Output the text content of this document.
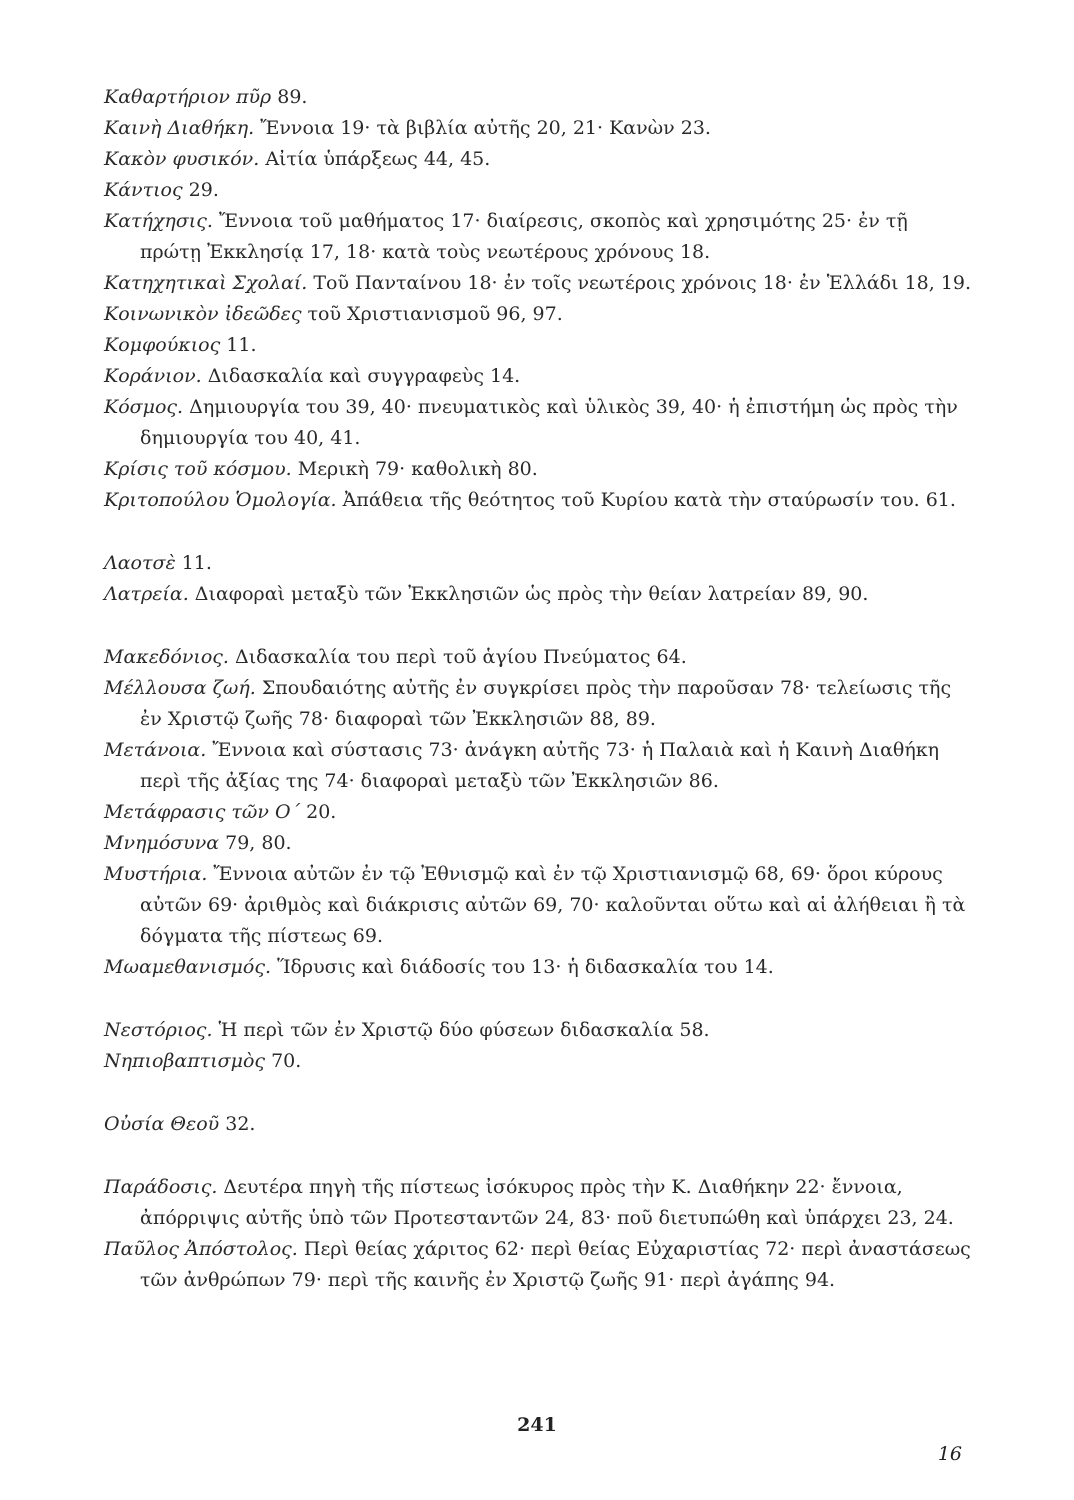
Καθαρτήριον πῦρ 89.

Καινὴ Διαθήκη. Ἔννοια 19· τὰ βιβλία αὐτῆς 20, 21· Κανὼν 23.

Κακὸν φυσικόν. Αἰτία ὑπάρξεως 44, 45.

Κάντιος 29.

Κατήχησις. Ἔννοια τοῦ μαθήματος 17· διαίρεσις, σκοπὸς καὶ χρησιμότης 25· ἐν τῇ πρώτῃ Ἐκκλησίᾳ 17, 18· κατὰ τοὺς νεωτέρους χρόνους 18.

Κατηχητικαὶ Σχολαί. Τοῦ Πανταίνου 18· ἐν τοῖς νεωτέροις χρόνοις 18· ἐν Ἑλλάδι 18, 19.

Κοινωνικὸν ἰδεῶδες τοῦ Χριστιανισμοῦ 96, 97.

Κομφούκιος 11.

Κοράνιον. Διδασκαλία καὶ συγγραφεὺς 14.

Κόσμος. Δημιουργία του 39, 40· πνευματικὸς καὶ ὑλικὸς 39, 40· ἡ ἐπιστήμη ὡς πρὸς τὴν δημιουργία του 40, 41.

Κρίσις τοῦ κόσμου. Μερικὴ 79· καθολικὴ 80.

Κριτοπούλου Ὁμολογία. Ἀπάθεια τῆς θεότητος τοῦ Κυρίου κατὰ τὴν σταύρωσίν του. 61.

Λαοτσὲ 11.

Λατρεία. Διαφοραὶ μεταξὺ τῶν Ἐκκλησιῶν ὡς πρὸς τὴν θείαν λατρείαν 89, 90.

Μακεδόνιος. Διδασκαλία του περὶ τοῦ ἁγίου Πνεύματος 64.

Μέλλουσα ζωή. Σπουδαιότης αὐτῆς ἐν συγκρίσει πρὸς τὴν παροῦσαν 78· τελείωσις τῆς ἐν Χριστῷ ζωῆς 78· διαφοραὶ τῶν Ἐκκλησιῶν 88, 89.

Μετάνοια. Ἔννοια καὶ σύστασις 73· ἀνάγκη αὐτῆς 73· ἡ Παλαιὰ καὶ ἡ Καινὴ Διαθήκη περὶ τῆς ἀξίας της 74· διαφοραὶ μεταξὺ τῶν Ἐκκλησιῶν 86.

Μετάφρασις τῶν Ο΄ 20.

Μνημόσυνα 79, 80.

Μυστήρια. Ἔννοια αὐτῶν ἐν τῷ Ἐθνισμῷ καὶ ἐν τῷ Χριστιανισμῷ 68, 69· ὅροι κύρους αὐτῶν 69· ἀριθμὸς καὶ διάκρισις αὐτῶν 69, 70· καλοῦνται οὕτω καὶ αἱ ἀλήθειαι ἢ τὰ δόγματα τῆς πίστεως 69.

Μωαμεθανισμός. Ἵδρυσις καὶ διάδοσίς του 13· ἡ διδασκαλία του 14.

Νεστόριος. Ἡ περὶ τῶν ἐν Χριστῷ δύο φύσεων διδασκαλία 58.

Νηπιοβαπτισμὸς 70.

Οὐσία Θεοῦ 32.

Παράδοσις. Δευτέρα πηγὴ τῆς πίστεως ἰσόκυρος πρὸς τὴν Κ. Διαθήκην 22· ἔννοια, ἀπόρριψις αὐτῆς ὑπὸ τῶν Προτεσταντῶν 24, 83· ποῦ διετυπώθη καὶ ὑπάρχει 23, 24.

Παῦλος Ἀπόστολος. Περὶ θείας χάριτος 62· περὶ θείας Εὐχαριστίας 72· περὶ ἀναστάσεως τῶν ἀνθρώπων 79· περὶ τῆς καινῆς ἐν Χριστῷ ζωῆς 91· περὶ ἀγάπης 94.

241
16
